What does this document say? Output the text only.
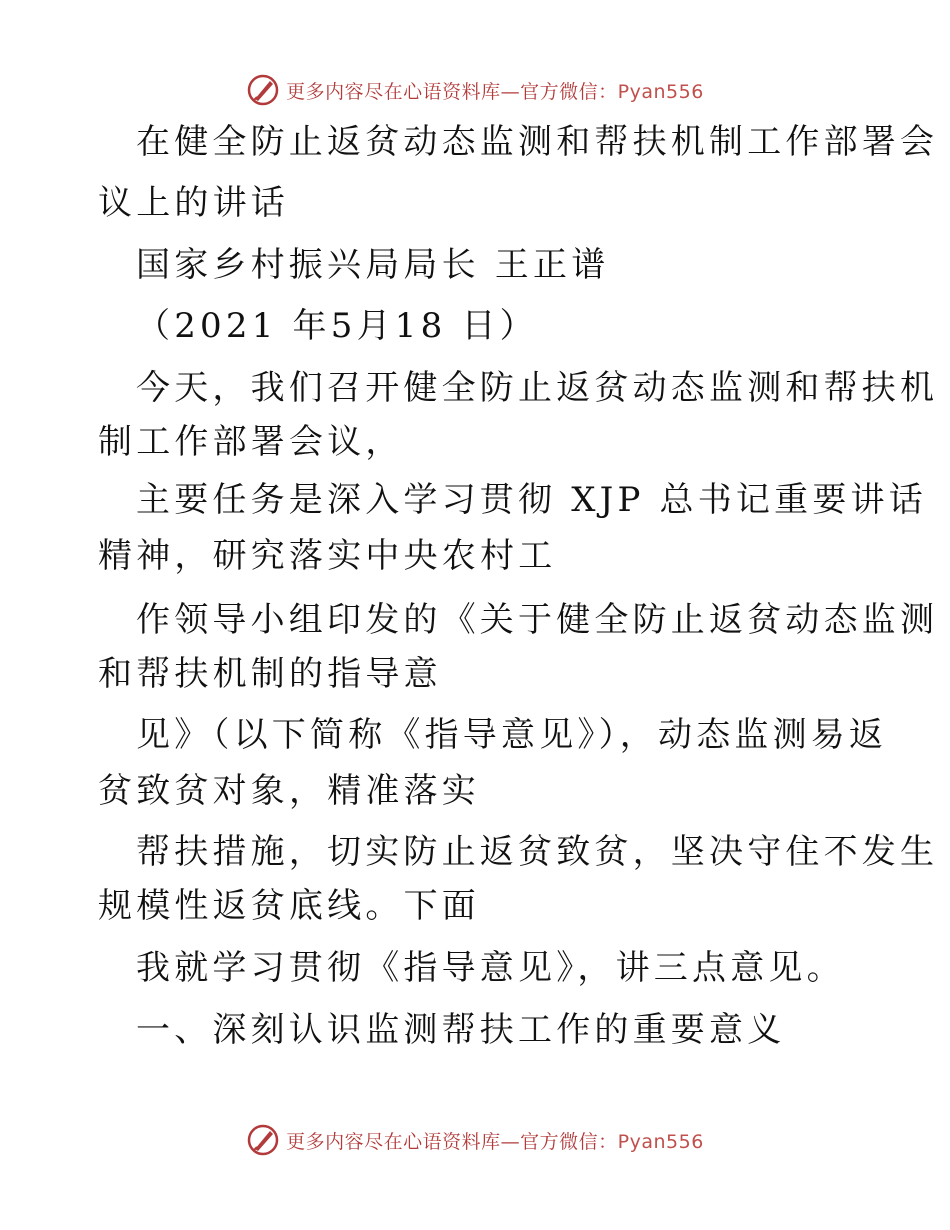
更多内容尽在心语资料库—官方微信：Pyan556
在健全防止返贫动态监测和帮扶机制工作部署会
议上的讲话
国家乡村振兴局局长 王正谱
（2021 年5月18 日）
今天，我们召开健全防止返贫动态监测和帮扶机
制工作部署会议，
主要任务是深入学习贯彻 XJP 总书记重要讲话
精神，研究落实中央农村工
作领导小组印发的《关于健全防止返贫动态监测
和帮扶机制的指导意
见》（以下简称《指导意见》），动态监测易返
贫致贫对象，精准落实
帮扶措施，切实防止返贫致贫，坚决守住不发生
规模性返贫底线。下面
我就学习贯彻《指导意见》，讲三点意见。
一、深刻认识监测帮扶工作的重要意义
更多内容尽在心语资料库—官方微信：Pyan556
